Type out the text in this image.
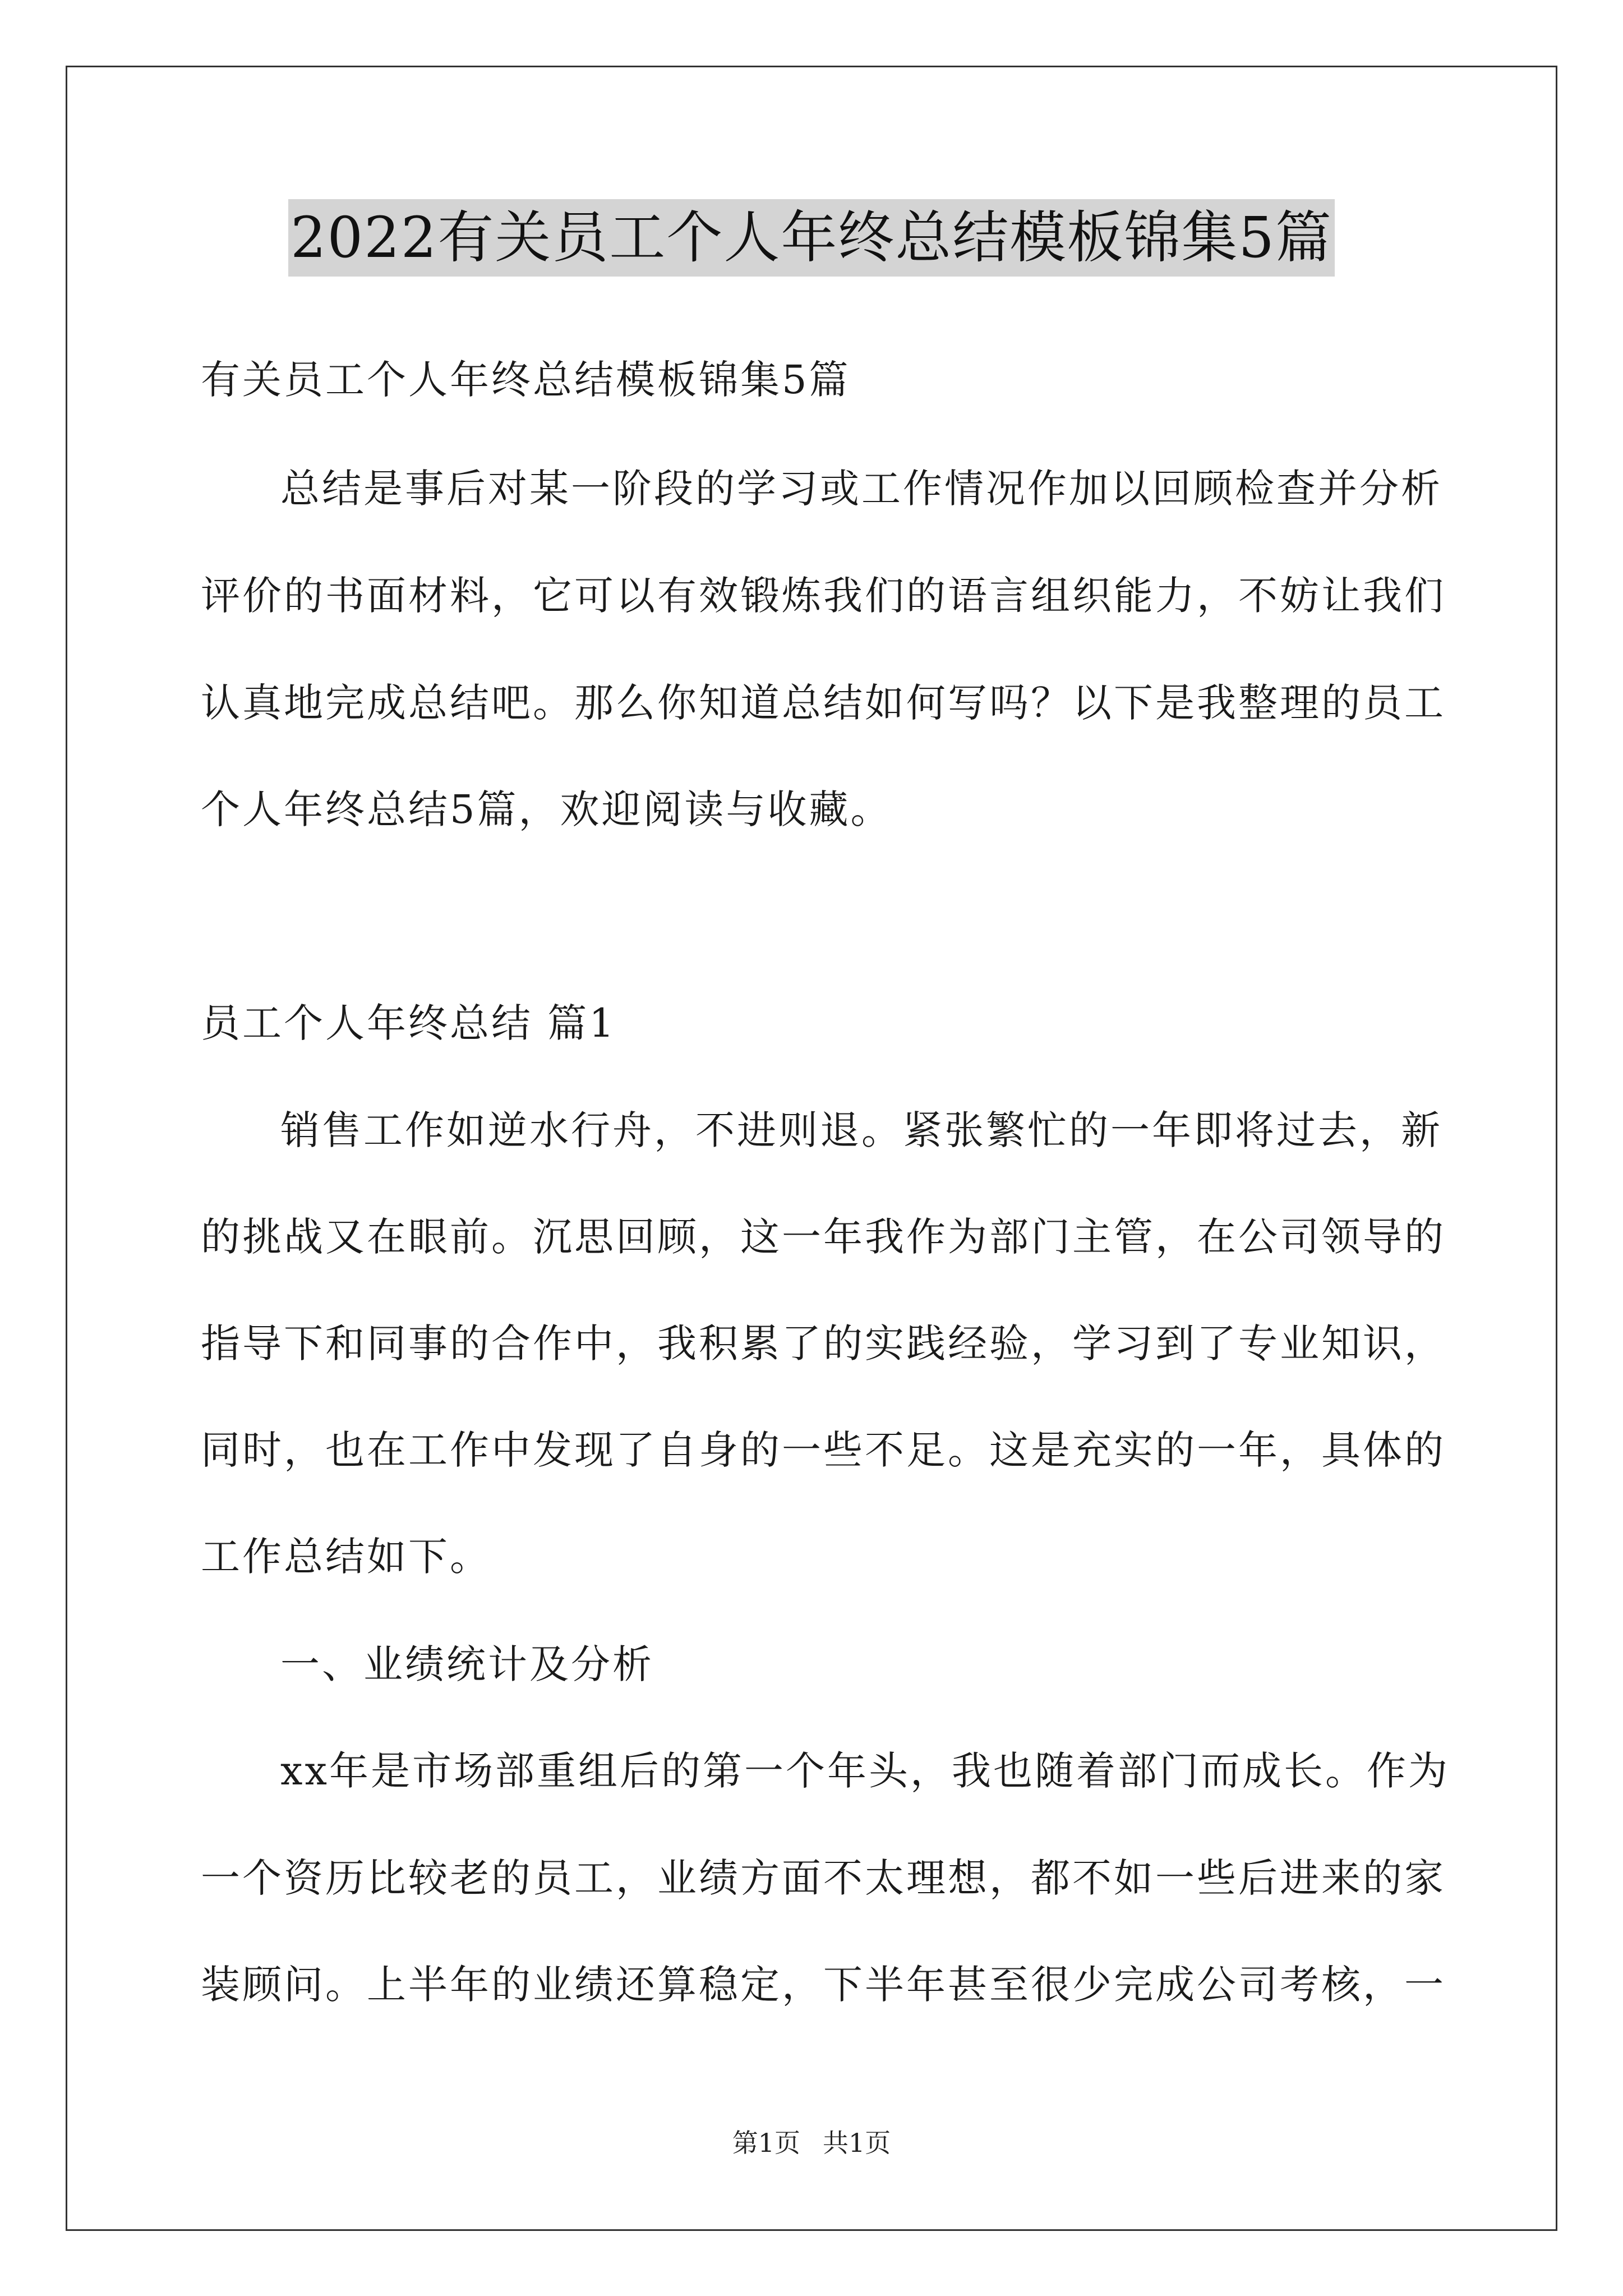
2022有关员工个人年终总结模板锦集5篇
有关员工个人年终总结模板锦集5篇
总结是事后对某一阶段的学习或工作情况作加以回顾检查并分析
评价的书面材料，它可以有效锻炼我们的语言组织能力，不妨让我们
认真地完成总结吧。那么你知道总结如何写吗？以下是我整理的员工
个人年终总结5篇，欢迎阅读与收藏。
员工个人年终总结 篇1
销售工作如逆水行舟，不进则退。紧张繁忙的一年即将过去，新
的挑战又在眼前。沉思回顾，这一年我作为部门主管，在公司领导的
指导下和同事的合作中，我积累了的实践经验，学习到了专业知识，
同时，也在工作中发现了自身的一些不足。这是充实的一年，具体的
工作总结如下。
一、业绩统计及分析
xx年是市场部重组后的第一个年头，我也随着部门而成长。作为
一个资历比较老的员工，业绩方面不太理想，都不如一些后进来的家
装顾问。上半年的业绩还算稳定，下半年甚至很少完成公司考核，一
第1页 共1页
